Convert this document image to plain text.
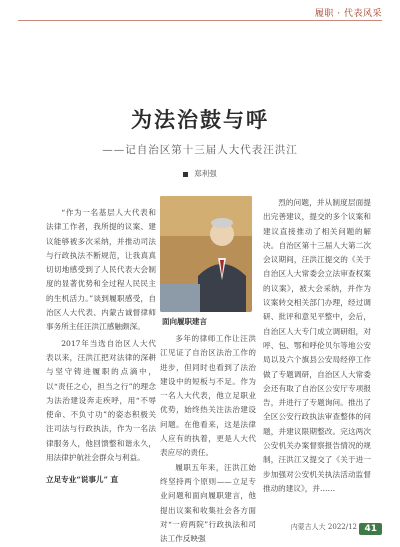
履职 · 代表风采
为法治鼓与呼
——记自治区第十三届人大代表汪洪江
郑利强

“作为一名基层人大代表和法律工作者，我所提的议案、建议能够被多次采纳，并推动司法与行政执法不断规范，让我真真切切地感受到了人民代表大会制度的显著优势和全过程人民民主的生机活力。”谈到履职感受，自治区人大代表、内蒙古诚督律师事务所主任汪洪江感触颇深。

2017年当选自治区人大代表以来，汪洪江把对法律的深耕与坚守铸进履职的点滴中，以“责任之心，担当之行”的理念为法治建设奔走疾呼，用“不辱使命、不负寸功”的姿态积极关注司法与行政执法，作为一名法律服务人，他回馈整和谐永久，用法律护航社会群众与利益。

立足专业“说事儿” 直

面向履职建言

多年的律师工作让汪洪江见证了自治区法治工作的进步，但同时也看到了法治建设中的短板与不足。作为一名人大代表，他立足职业优势，始终热关注法治建设问题。在他看来，这是法律人应有的执着，更是人大代表应尽的责任。

履职五年来，汪洪江始终坚持两个原则——立足专业问题和面向履职建言，他提出议案和收集社会各方面对“一府两院”行政执法和司法工作反映强

烈的问题，并从制度层面提出完善建议，提交的多个议案和建议直接推动了相关问题的解决。自治区第十三届人大第二次会议期间，汪洪江提交的《关于自治区人大常委会立法审查权案的议案》，被大会采纳，并作为议案转交相关部门办理，经过调研、批评和意见平整中，会后，自治区人大专门成立调研组，对呼、包、鄂和呼伦贝尔等地公安局以及六个旗县公安局经停工作做了专题调研，自治区人大常委会还有取了自治区公安厅专项报告，并进行了专题询问。推出了全区公安行政执法审查整体的问题，并建议限期整改。完这两次公安机关办案督察报告情况的规制，汪洪江又提交了《关于进一步加强对公安机关执法活动监督推动的建议》，并……

内蒙古人大 2022/12 41
